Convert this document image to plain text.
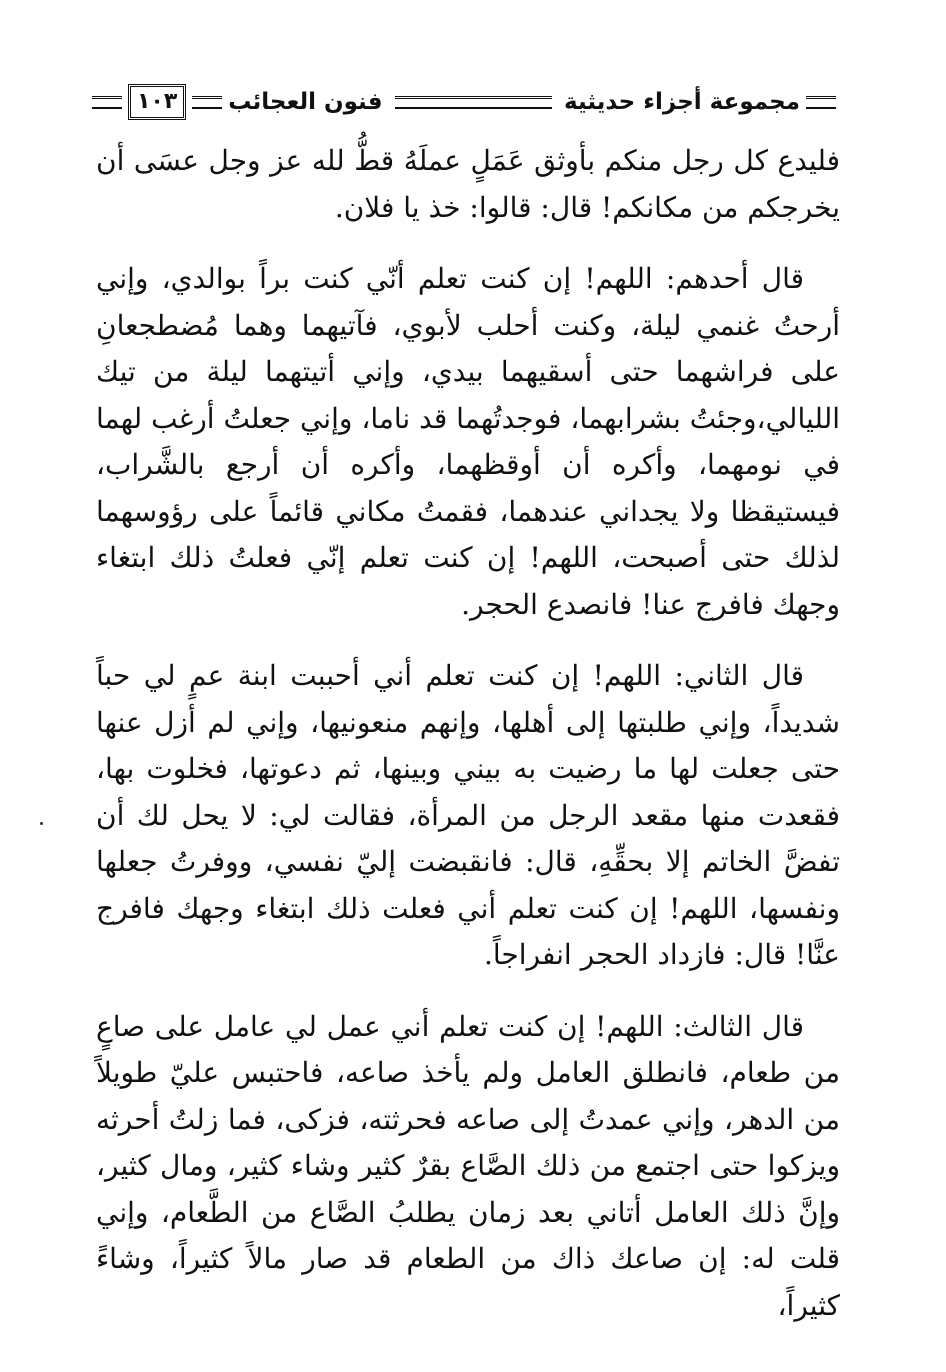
مجموعة أجزاء حديثية
فنون العجائب
١٠٣

فليدع كل رجل منكم بأوثق عَمَلٍ عملَهُ قطُّ لله عز وجل عسَى أن يخرجكم من مكانكم! قال: قالوا: خذ يا فلان.

قال أحدهم: اللهم! إن كنت تعلم أنّي كنت براً بوالدي، وإني أرحتُ غنمي ليلة، وكنت أحلب لأبوي، فآتيهما وهما مُضطجعانِ على فراشهما حتى أسقيهما بيدي، وإني أتيتهما ليلة من تيك الليالي،وجئتُ بشرابهما، فوجدتُهما قد ناما، وإني جعلتُ أرغب لهما في نومهما، وأكره أن أوقظهما، وأكره أن أرجع بالشَّراب، فيستيقظا ولا يجداني عندهما، فقمتُ مكاني قائماً على رؤوسهما لذلك حتى أصبحت، اللهم! إن كنت تعلم إنّي فعلتُ ذلك ابتغاء وجهك فافرج عنا! فانصدع الحجر.

قال الثاني: اللهم! إن كنت تعلم أني أحببت ابنة عمٍ لي حباً شديداً، وإني طلبتها إلى أهلها، وإنهم منعونيها، وإني لم أزل عنها حتى جعلت لها ما رضيت به بيني وبينها، ثم دعوتها، فخلوت بها، فقعدت منها مقعد الرجل من المرأة، فقالت لي: لا يحل لك أن تفضَّ الخاتم إلا بحقِّهِ، قال: فانقبضت إليّ نفسي، ووفرتُ جعلها ونفسها، اللهم! إن كنت تعلم أني فعلت ذلك ابتغاء وجهك فافرج عنَّا! قال: فازداد الحجر انفراجاً.

قال الثالث: اللهم! إن كنت تعلم أني عمل لي عامل على صاعٍ من طعام، فانطلق العامل ولم يأخذ صاعه، فاحتبس عليّ طويلاً من الدهر، وإني عمدتُ إلى صاعه فحرثته، فزكى، فما زلتُ أحرثه ويزكوا حتى اجتمع من ذلك الصَّاع بقرٌ كثير وشاء كثير، ومال كثير، وإنَّ ذلك العامل أتاني بعد زمان يطلبُ الصَّاع من الطَّعام، وإني قلت له: إن صاعك ذاك من الطعام قد صار مالاً كثيراً، وشاءً كثيراً،
